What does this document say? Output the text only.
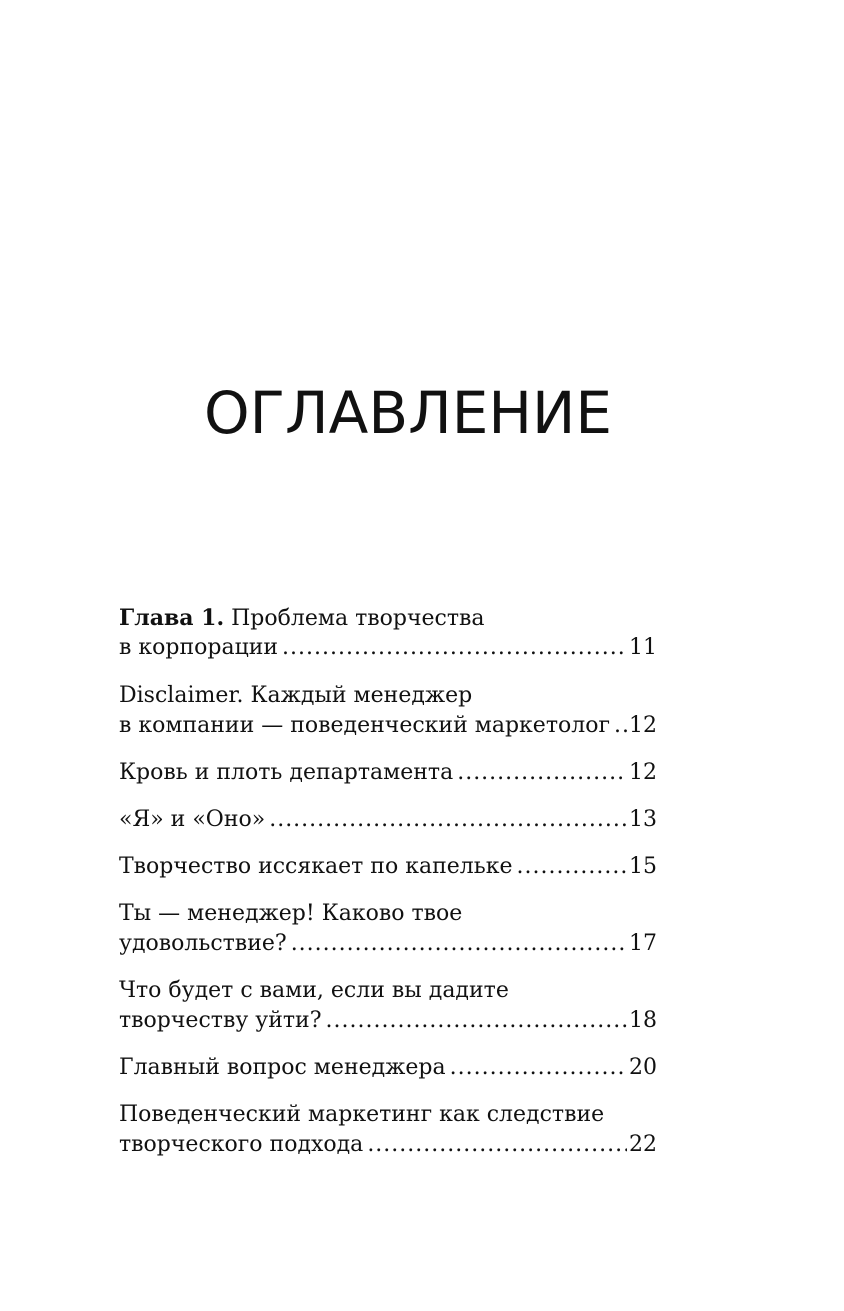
ОГЛАВЛЕНИЕ
Глава 1. Проблема творчества
в корпорации .....	11
Disclaimer. Каждый менеджер
в компании — поведенческий маркетолог ..... 12
Кровь и плоть департамента .....	12
«Я» и «Оно» .....	13
Творчество иссякает по капельке .....	15
Ты — менеджер! Каково твое
удовольствие? .....	17
Что будет с вами, если вы дадите
творчеству уйти? .....	18
Главный вопрос менеджера .....	20
Поведенческий маркетинг как следствие
творческого подхода .....	22
